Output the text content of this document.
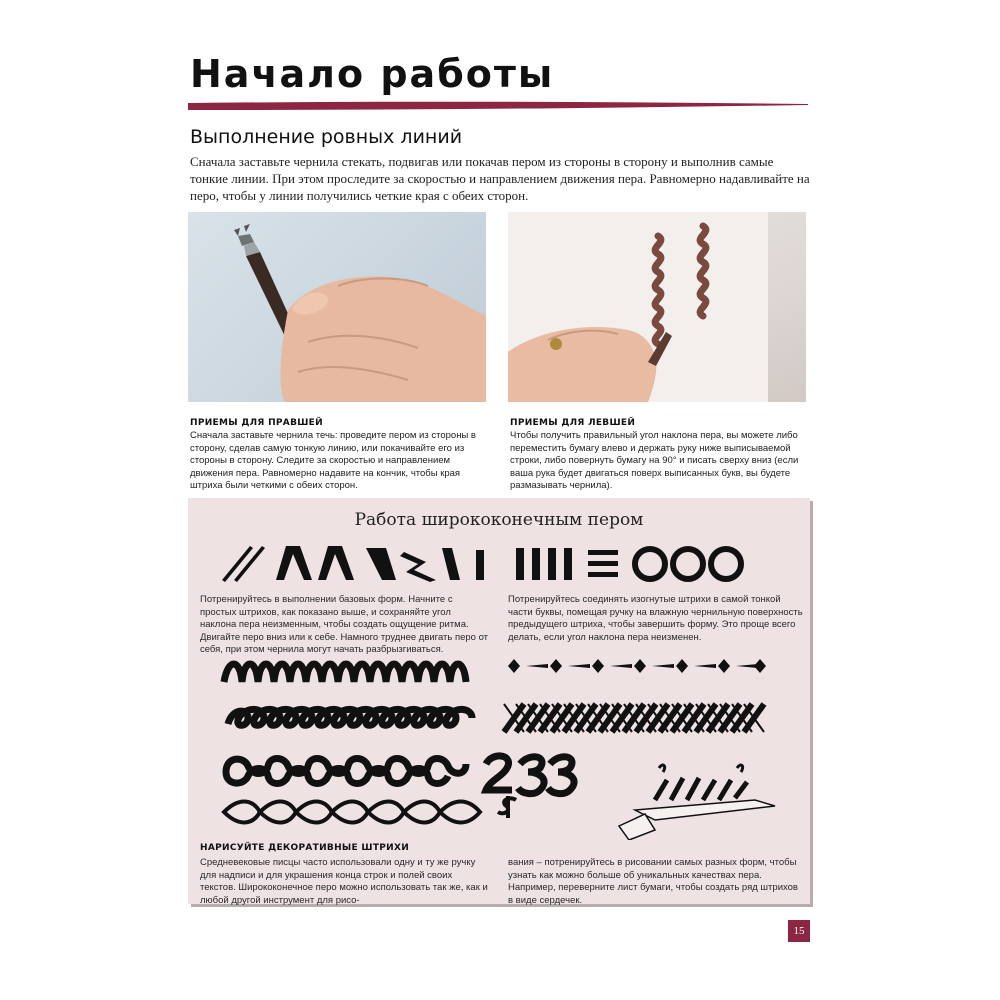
Начало работы
Выполнение ровных линий
Сначала заставьте чернила стекать, подвигав или покачав пером из стороны в сторону и выполнив самые тонкие линии. При этом проследите за скоростью и направлением движения пера. Равномерно надавливайте на перо, чтобы у линии получились четкие края с обеих сторон.
ПРИЕМЫ ДЛЯ ПРАВШЕЙ
Сначала заставьте чернила течь: проведите пером из стороны в сторону, сделав самую тонкую линию, или покачивайте его из стороны в сторону. Следите за скоростью и направлением движения пера. Равномерно надавите на кончик, чтобы края штриха были четкими с обеих сторон.
ПРИЕМЫ ДЛЯ ЛЕВШЕЙ
Чтобы получить правильный угол наклона пера, вы можете либо переместить бумагу влево и держать руку ниже выписываемой строки, либо повернуть бумагу на 90° и писать сверху вниз (если ваша рука будет двигаться поверх выписанных букв, вы будете размазывать чернила).
Работа ширококонечным пером
Потренируйтесь в выполнении базовых форм. Начните с простых штрихов, как показано выше, и сохраняйте угол наклона пера неизменным, чтобы создать ощущение ритма. Двигайте перо вниз или к себе. Намного труднее двигать перо от себя, при этом чернила могут начать разбрызгиваться.
Потренируйтесь соединять изогнутые штрихи в самой тонкой части буквы, помещая ручку на влажную чернильную поверхность предыдущего штриха, чтобы завершить форму. Это проще всего делать, если угол наклона пера неизменен.
НАРИСУЙТЕ ДЕКОРАТИВНЫЕ ШТРИХИ
Средневековые писцы часто использовали одну и ту же ручку для надписи и для украшения конца строк и полей своих текстов. Ширококонечное перо можно использовать так же, как и любой другой инструмент для рисо-
вания – потренируйтесь в рисовании самых разных форм, чтобы узнать как можно больше об уникальных качествах пера. Например, переверните лист бумаги, чтобы создать ряд штрихов в виде сердечек.
15
